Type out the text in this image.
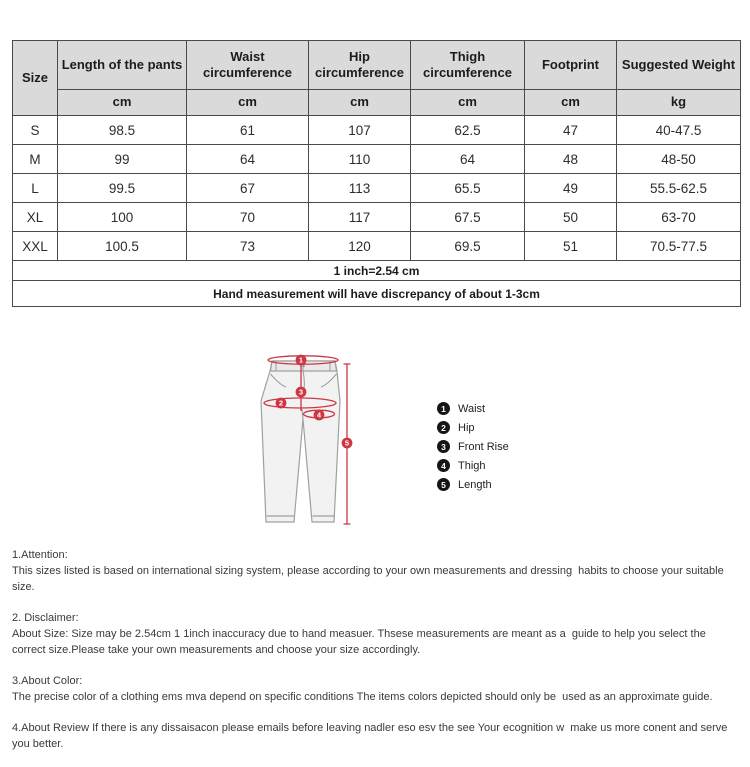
Size	Length of the pants	Waist circumference	Hip circumference	Thigh circumference	Footprint	Suggested Weight
	cm	cm	cm	cm	cm	kg
S	98.5	61	107	62.5	47	40-47.5
M	99	64	110	64	48	48-50
L	99.5	67	113	65.5	49	55.5-62.5
XL	100	70	117	67.5	50	63-70
XXL	100.5	73	120	69.5	51	70.5-77.5
1 inch=2.54 cm						
Hand measurement will have discrepancy of about 1-3cm						
1
2
3
4
5
1	Waist
2	Hip
3	Front Rise
4	Thigh
5	Length
1.Attention:
This sizes listed is based on international sizing system, please according to your own measurements and dressing  habits to choose your suitable size.
2. Disclaimer:
About Size: Size may be 2.54cm 1 1inch inaccuracy due to hand measuer. Thsese measurements are meant as a  guide to help you select the correct size.Please take your own measurements and choose your size accordingly.
3.About Color:
The precise color of a clothing ems mva depend on specific conditions The items colors depicted should only be  used as an approximate guide.
4.About Review If there is any dissaisacon please emails before leaving nadler eso esv the see Your ecognition w  make us more conent and serve you better.
